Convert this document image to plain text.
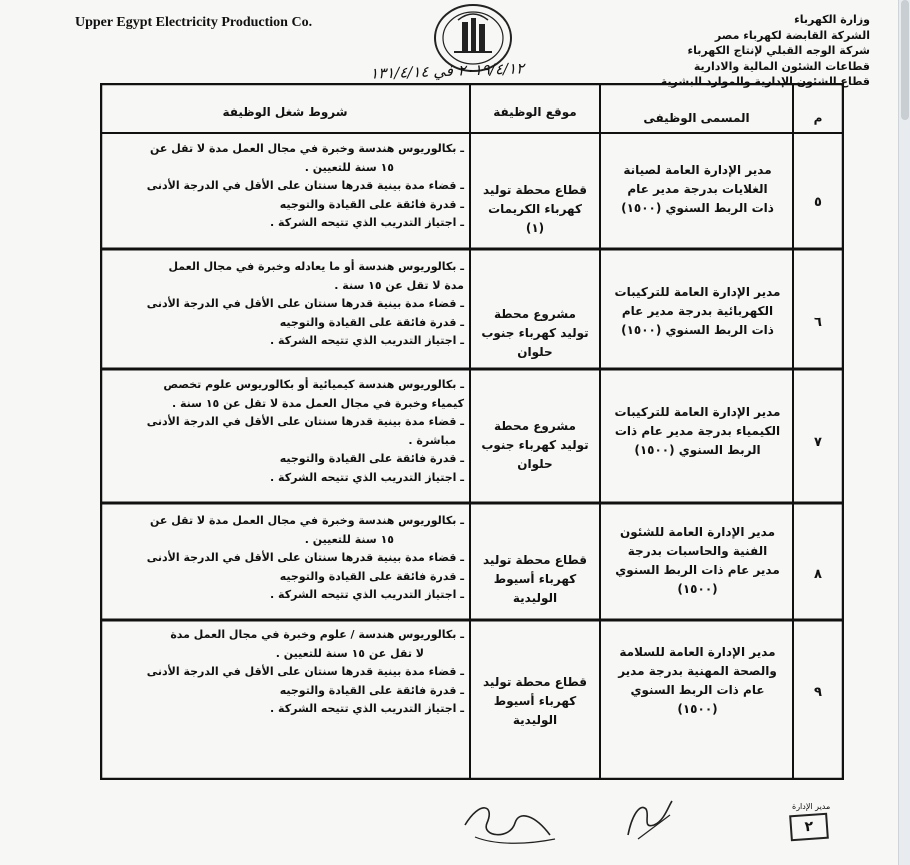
Upper Egypt Electricity Production Co.	وزارة الكهرباء
الشركة القابضة لكهرباء مصر
شركة الوجه القبلي لإنتاج الكهرباء
قطاعات الشئون المالية والادارية
قطاع الشئون الإدارية والموارد البشرية
٢٠١٩/٤/١٢ في ١٣١/٤/١٤
م
المسمى الوظيفى
موقع الوظيفة
شروط شغل الوظيفة
٥
مدير الإدارة العامة لصيانة
الغلايات بدرجة مدير عام
ذات الربط السنوي (١٥٠٠)
قطاع محطة توليد
كهرباء الكريمات
(١)
ـ بكالوريوس هندسة وخبرة في مجال العمل مدة لا تقل عن
١٥ سنة للتعيين .
ـ قضاء مدة بينية قدرها سنتان على الأقل في الدرجة الأدنى
ـ قدرة فائقة على القيادة والتوجيه
ـ اجتياز التدريب الذي تتيحه الشركة .
٦
مدير الإدارة العامة للتركيبات
الكهربائية بدرجة مدير عام
ذات الربط السنوي (١٥٠٠)
مشروع محطة
توليد كهرباء جنوب
حلوان
ـ بكالوريوس هندسة أو ما يعادله وخبرة في مجال العمل
مدة لا تقل عن ١٥ سنة .
ـ قضاء مدة بينية قدرها سنتان على الأقل في الدرجة الأدنى
ـ قدرة فائقة على القيادة والتوجيه
ـ اجتياز التدريب الذي تتيحه الشركة .
٧
مدير الإدارة العامة للتركيبات
الكيمياء بدرجة مدير عام ذات
الربط السنوي (١٥٠٠)
مشروع محطة
توليد كهرباء جنوب
حلوان
ـ بكالوريوس هندسة كيميائية أو بكالوريوس علوم تخصص
كيمياء وخبرة في مجال العمل مدة لا تقل عن ١٥ سنة .
ـ قضاء مدة بينية قدرها سنتان على الأقل في الدرجة الأدنى
مباشرة .
ـ قدرة فائقة على القيادة والتوجيه
ـ اجتياز التدريب الذي تتيحه الشركة .
٨
مدير الإدارة العامة للشئون
الفنية والحاسبات بدرجة
مدير عام ذات الربط السنوي
(١٥٠٠)
قطاع محطة توليد
كهرباء أسيوط
الوليدية
ـ بكالوريوس هندسة وخبرة في مجال العمل مدة لا تقل عن
١٥ سنة للتعيين .
ـ قضاء مدة بينية قدرها سنتان على الأقل في الدرجة الأدنى
ـ قدرة فائقة على القيادة والتوجيه
ـ اجتياز التدريب الذي تتيحه الشركة .
٩
مدير الإدارة العامة للسلامة
والصحة المهنية بدرجة مدير
عام ذات الربط السنوي
(١٥٠٠)
قطاع محطة توليد
كهرباء أسيوط
الوليدية
ـ بكالوريوس هندسة / علوم وخبرة في مجال العمل مدة
لا تقل عن ١٥ سنة للتعيين .
ـ قضاء مدة بينية قدرها سنتان على الأقل في الدرجة الأدنى
ـ قدرة فائقة على القيادة والتوجيه
ـ اجتياز التدريب الذي تتيحه الشركة .
مدير الإدارة
٢
